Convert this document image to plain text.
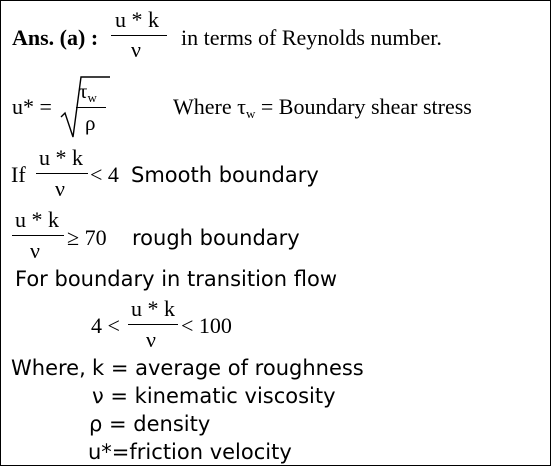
Ans. (a) :
u * k
ν in terms of Reynolds number.
u* =
$\tau_w$
ρ
Where $\tau_w$ = Boundary shear stress
If
u * k
ν
< 4 Smooth boundary
u * k
ν
≥ 70 rough boundary
For boundary in transition flow
4 <
u * k
ν
< 100
Where, k = average of roughness
ν = kinematic viscosity
ρ = density
u*=friction velocity
